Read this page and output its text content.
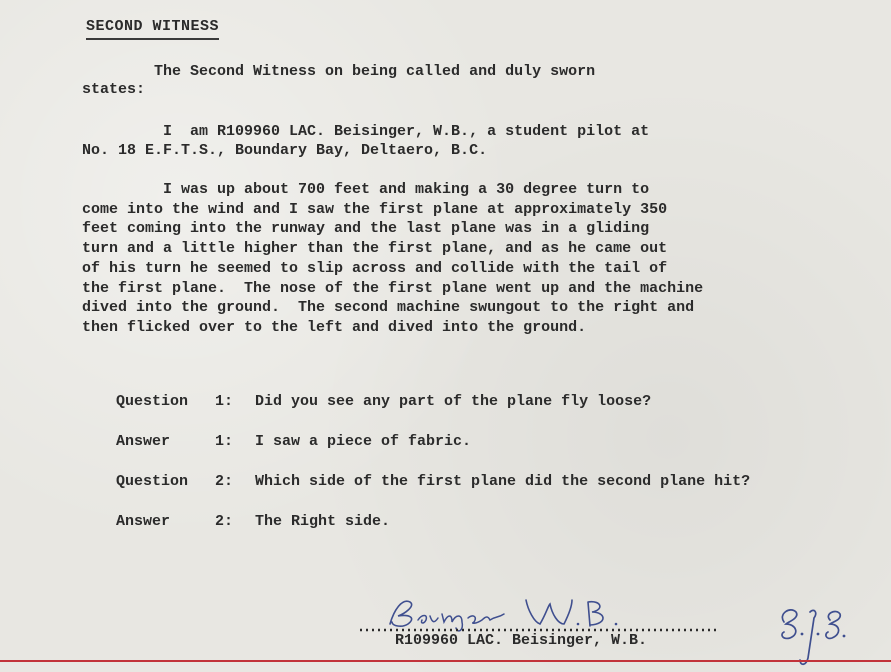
SECOND WITNESS

The Second Witness on being called and duly sworn

states:

I  am R109960 LAC. Beisinger, W.B., a student pilot at

No. 18 E.F.T.S., Boundary Bay, Deltaero, B.C.

I was up about 700 feet and making a 30 degree turn to

come into the wind and I saw the first plane at approximately 350

feet coming into the runway and the last plane was in a gliding

turn and a little higher than the first plane, and as he came out

of his turn he seemed to slip across and collide with the tail of

the first plane.  The nose of the first plane went up and the machine

dived into the ground.  The second machine swungout to the right and

then flicked over to the left and dived into the ground.

Question 1: Did you see any part of the plane fly loose?

Answer	1: I saw a piece of fabric.

Question 2: Which side of the first plane did the second plane hit?

Answer	2: The Right side.

R109960 LAC. Beisinger, W.B.
